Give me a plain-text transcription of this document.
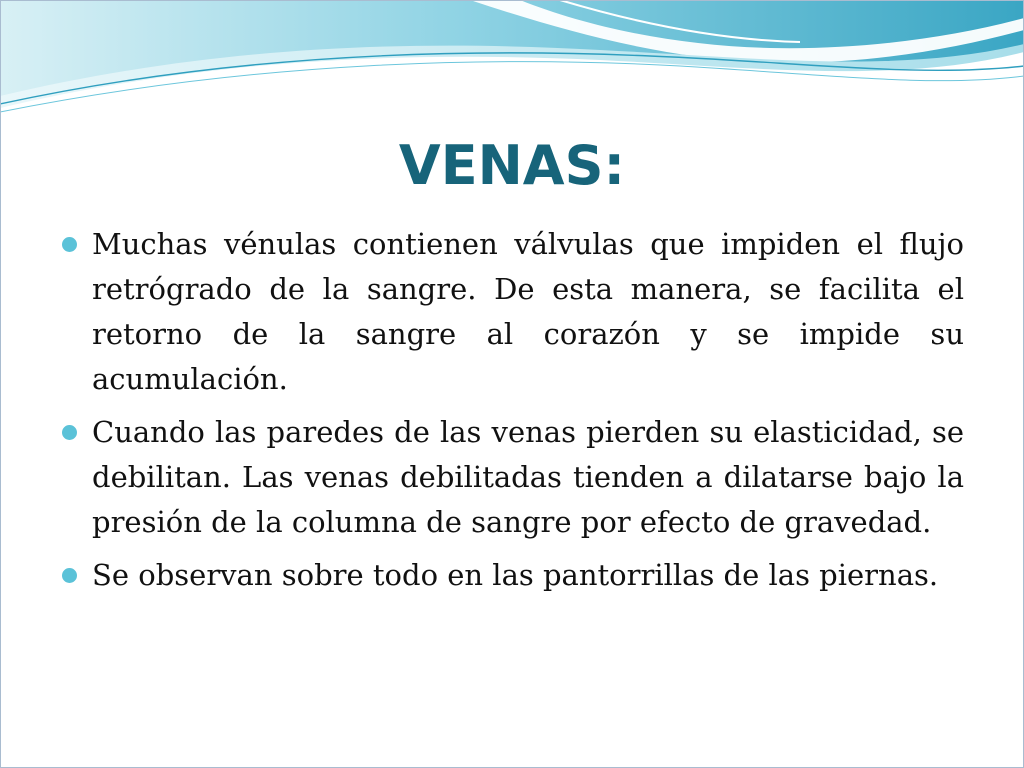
VENAS:
Muchas vénulas contienen válvulas que impiden el flujo retrógrado de la sangre. De esta manera, se facilita el retorno de la sangre al corazón y se impide su acumulación.
Cuando las paredes de las venas pierden su elasticidad, se debilitan. Las venas debilitadas tienden a dilatarse bajo la presión de la columna de sangre por efecto de gravedad.
Se observan sobre todo en las pantorrillas de las piernas.
